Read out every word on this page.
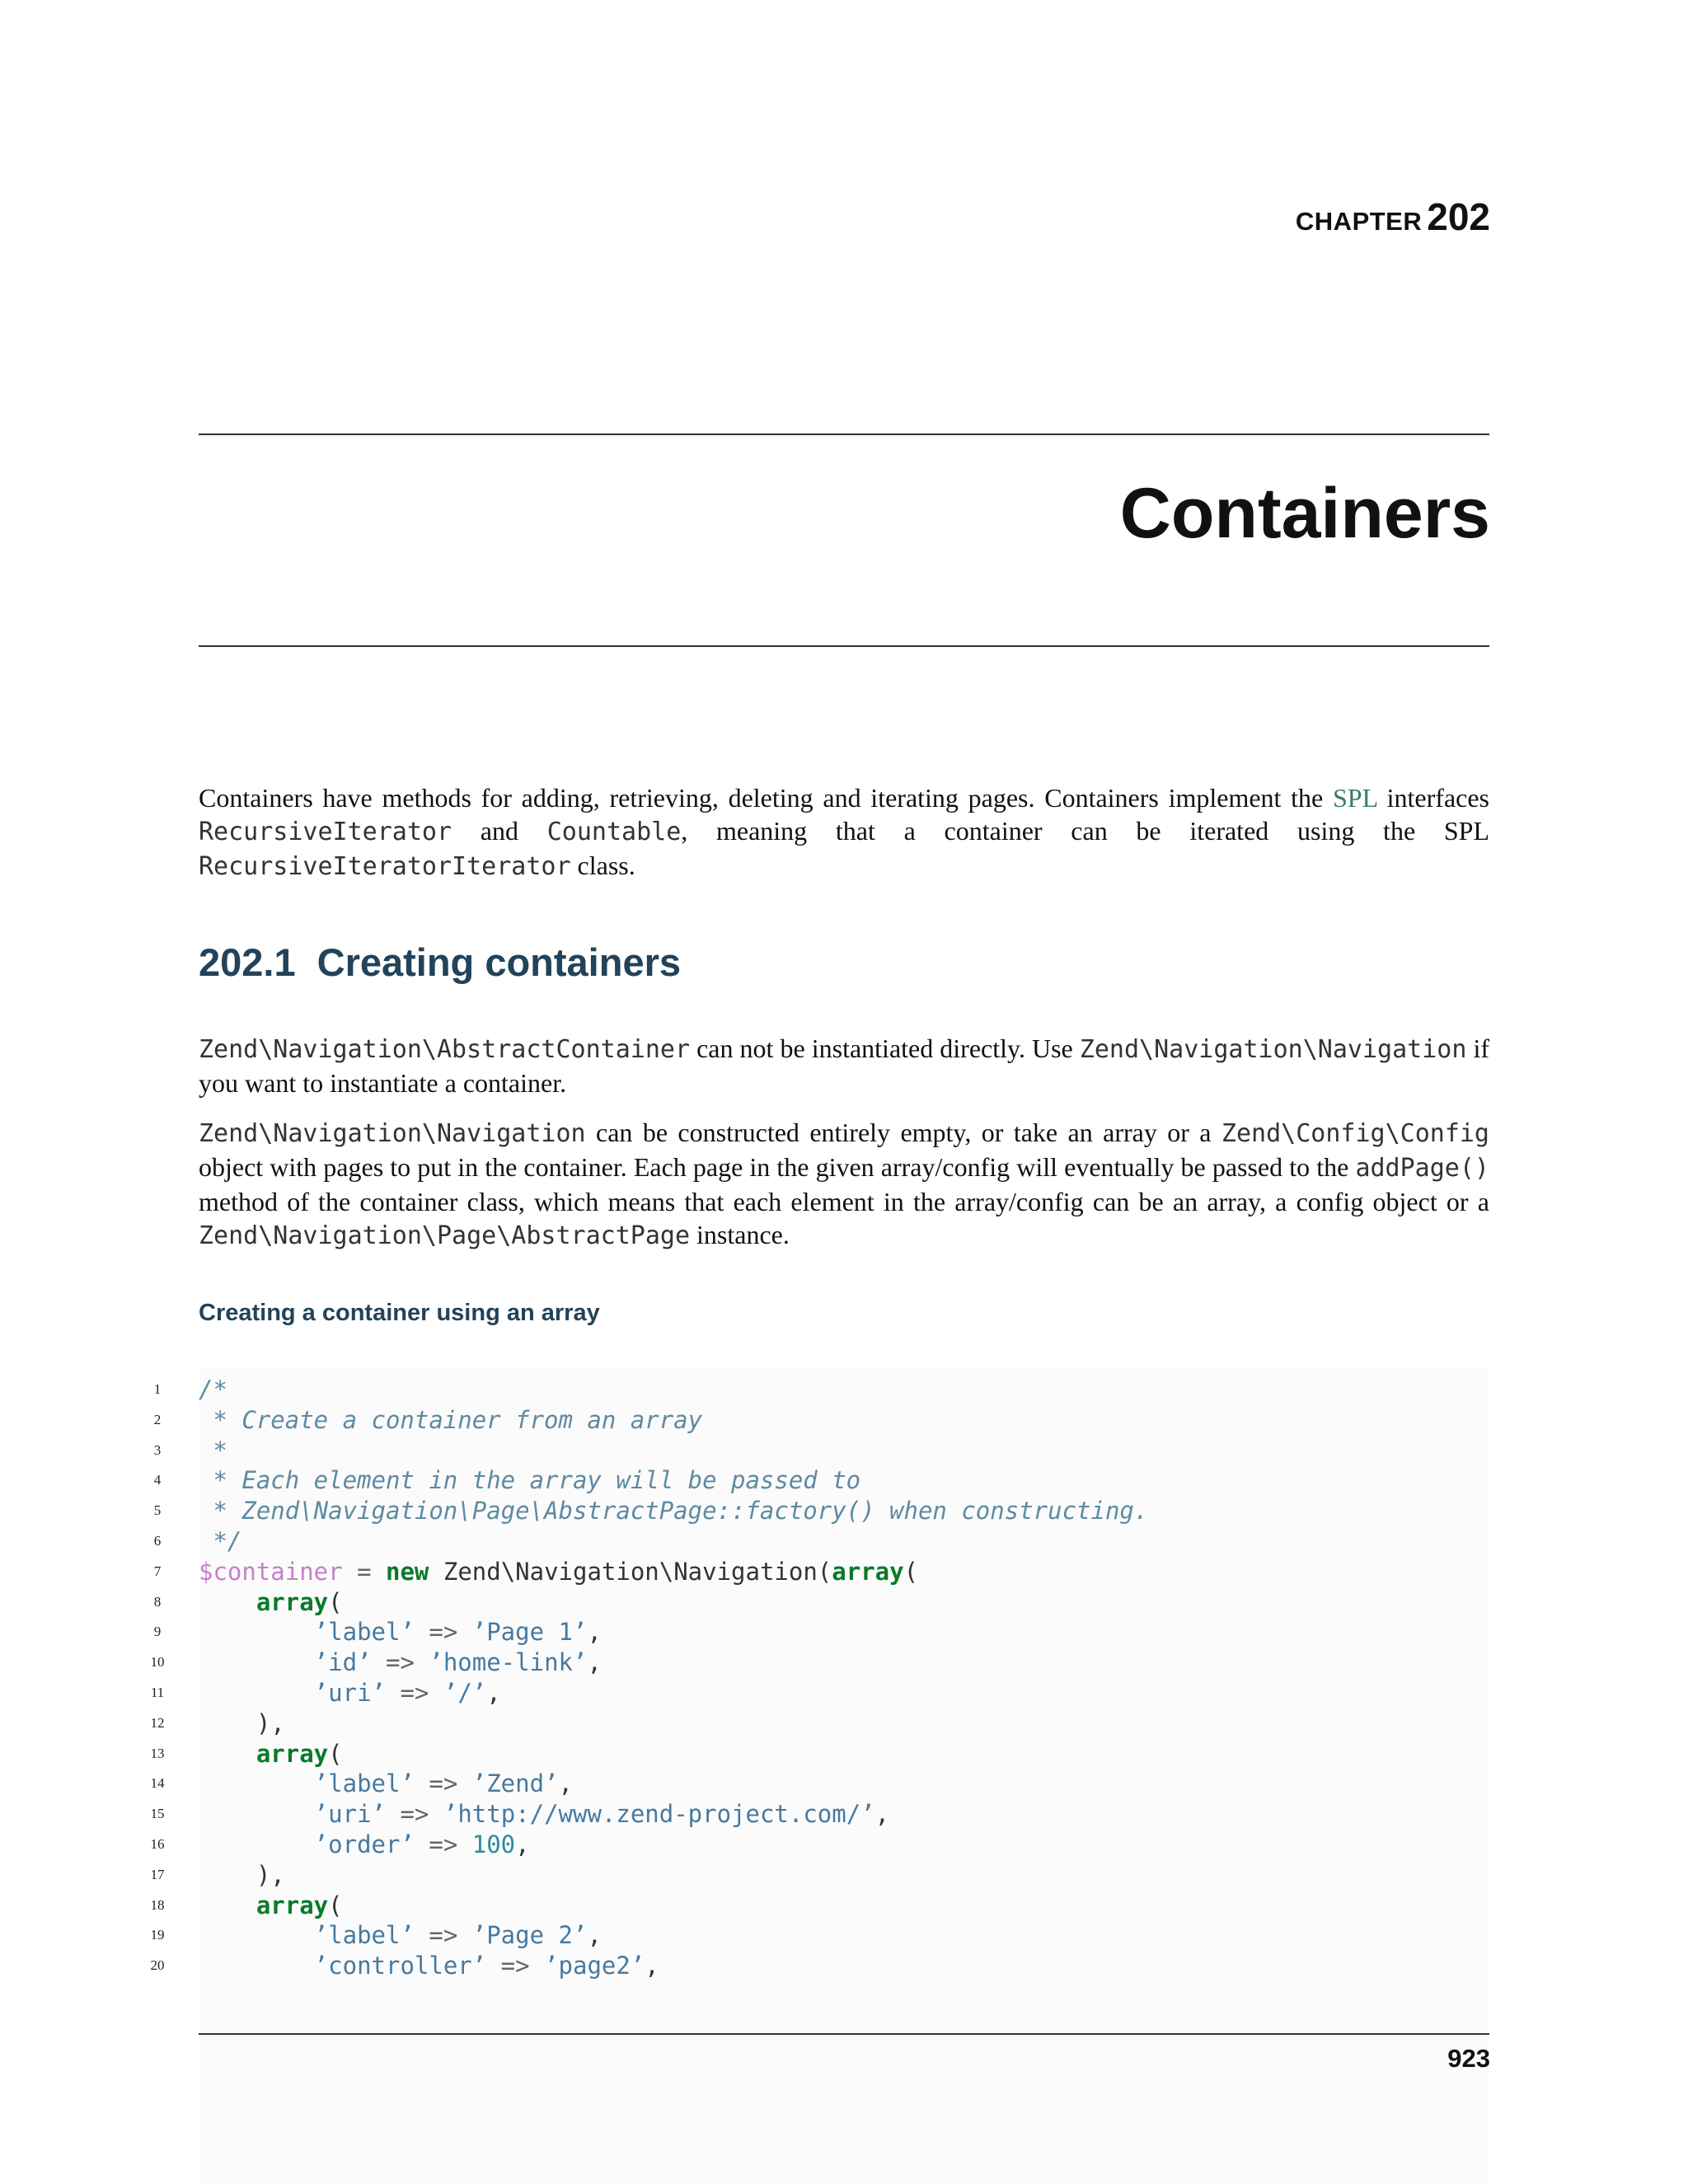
CHAPTER 202
Containers

Containers have methods for adding, retrieving, deleting and iterating pages. Containers implement the SPL interfaces RecursiveIterator and Countable, meaning that a container can be iterated using the SPL RecursiveIteratorIterator class.

202.1 Creating containers

Zend\Navigation\AbstractContainer can not be instantiated directly. Use Zend\Navigation\Navigation if you want to instantiate a container.

Zend\Navigation\Navigation can be constructed entirely empty, or take an array or a Zend\Config\Config object with pages to put in the container. Each page in the given array/config will eventually be passed to the addPage() method of the container class, which means that each element in the array/config can be an array, a config object or a Zend\Navigation\Page\AbstractPage instance.

Creating a container using an array
1 /*
2 * Create a container from an array
3 *
4 * Each element in the array will be passed to
5 * Zend\Navigation\Page\AbstractPage::factory() when constructing.
6 */
7 $container = new Zend\Navigation\Navigation(array(
8	array(
9	’label’ => ’Page 1’,
10	’id’ => ’home-link’,
11	’uri’ => ’/’,
12 ),
13	array(
14	’label’ => ’Zend’,
15	’uri’ => ’http://www.zend-project.com/’,
16	’order’ => 100,
17 ),
18	array(
19	’label’ => ’Page 2’,
20	’controller’ => ’page2’,
923
